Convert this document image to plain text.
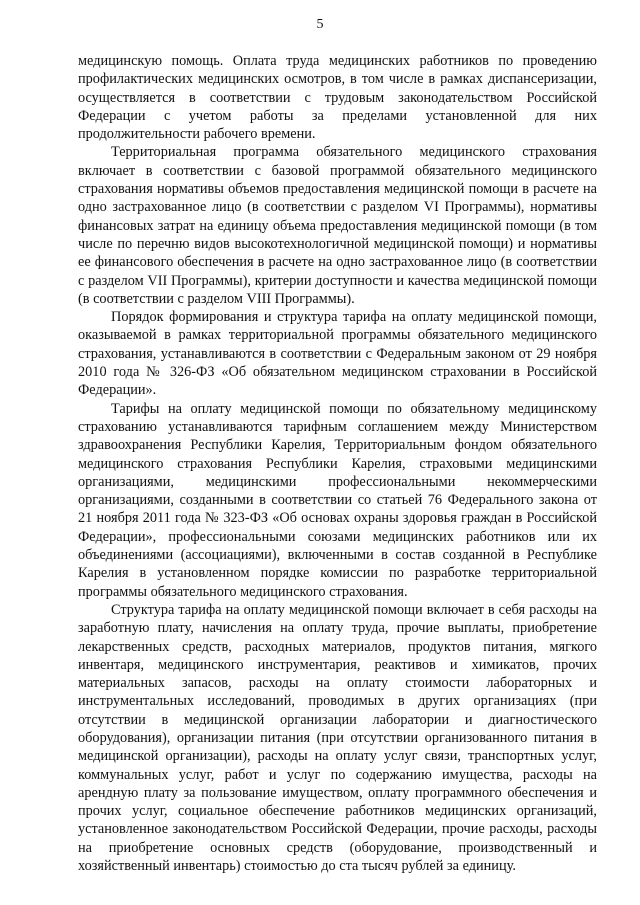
5

медицинскую помощь. Оплата труда медицинских работников по проведению профилактических медицинских осмотров, в том числе в рамках диспансеризации, осуществляется в соответствии с трудовым законодательством Российской Федерации с учетом работы за пределами установленной для них продолжительности рабочего времени.

Территориальная программа обязательного медицинского страхования включает в соответствии с базовой программой обязательного медицинского страхования нормативы объемов предоставления медицинской помощи в расчете на одно застрахованное лицо (в соответствии с разделом VI Программы), нормативы финансовых затрат на единицу объема предоставления медицинской помощи (в том числе по перечню видов высокотехнологичной медицинской помощи) и нормативы ее финансового обеспечения в расчете на одно застрахованное лицо (в соответствии с разделом VII Программы), критерии доступности и качества медицинской помощи (в соответствии с разделом VIII Программы).

Порядок формирования и структура тарифа на оплату медицинской помощи, оказываемой в рамках территориальной программы обязательного медицинского страхования, устанавливаются в соответствии с Федеральным законом от 29 ноября 2010 года № 326-ФЗ «Об обязательном медицинском страховании в Российской Федерации».

Тарифы на оплату медицинской помощи по обязательному медицинскому страхованию устанавливаются тарифным соглашением между Министерством здравоохранения Республики Карелия, Территориальным фондом обязательного медицинского страхования Республики Карелия, страховыми медицинскими организациями, медицинскими профессиональными некоммерческими организациями, созданными в соответствии со статьей 76 Федерального закона от 21 ноября 2011 года № 323-ФЗ «Об основах охраны здоровья граждан в Российской Федерации», профессиональными союзами медицинских работников или их объединениями (ассоциациями), включенными в состав созданной в Республике Карелия в установленном порядке комиссии по разработке территориальной программы обязательного медицинского страхования.

Структура тарифа на оплату медицинской помощи включает в себя расходы на заработную плату, начисления на оплату труда, прочие выплаты, приобретение лекарственных средств, расходных материалов, продуктов питания, мягкого инвентаря, медицинского инструментария, реактивов и химикатов, прочих материальных запасов, расходы на оплату стоимости лабораторных и инструментальных исследований, проводимых в других организациях (при отсутствии в медицинской организации лаборатории и диагностического оборудования), организации питания (при отсутствии организованного питания в медицинской организации), расходы на оплату услуг связи, транспортных услуг, коммунальных услуг, работ и услуг по содержанию имущества, расходы на арендную плату за пользование имуществом, оплату программного обеспечения и прочих услуг, социальное обеспечение работников медицинских организаций, установленное законодательством Российской Федерации, прочие расходы, расходы на приобретение основных средств (оборудование, производственный и хозяйственный инвентарь) стоимостью до ста тысяч рублей за единицу.
